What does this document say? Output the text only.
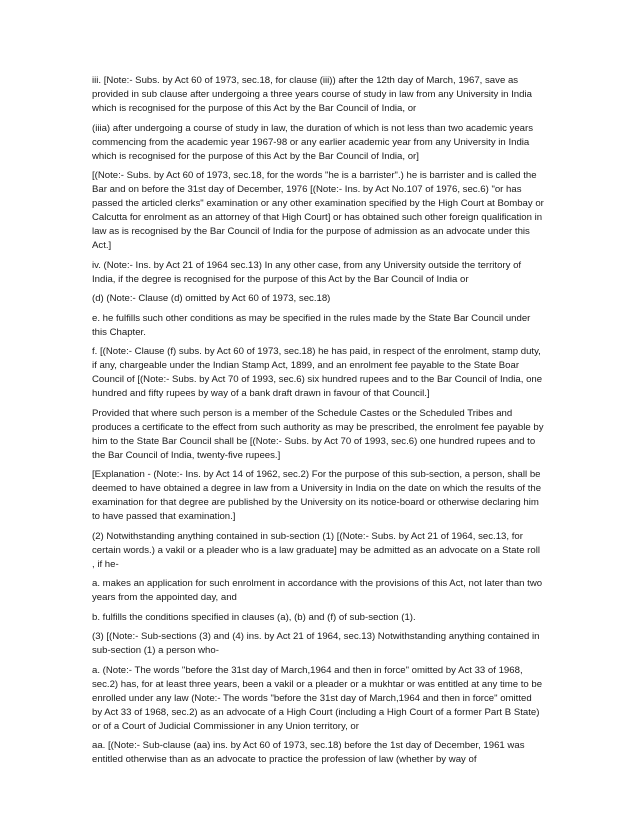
iii. [Note:- Subs. by Act 60 of 1973, sec.18, for clause (iii)) after the 12th day of March, 1967, save as provided in sub clause after undergoing a three years course of study in law from any University in India which is recognised for the purpose of this Act by the Bar Council of India, or

(iiia) after undergoing a course of study in law, the duration of which is not less than two academic years commencing from the academic year 1967-98 or any earlier academic year from any University in India which is recognised for the purpose of this Act by the Bar Council of India, or]

[(Note:- Subs. by Act 60 of 1973, sec.18, for the words "he is a barrister".) he is barrister and is called the Bar and on before the 31st day of December, 1976 [(Note:- Ins. by Act No.107 of 1976, sec.6) "or has passed the articled clerks" examination or any other examination specified by the High Court at Bombay or Calcutta for enrolment as an attorney of that High Court] or has obtained such other foreign qualification in law as is recognised by the Bar Council of India for the purpose of admission as an advocate under this Act.]

iv. (Note:- Ins. by Act 21 of 1964 sec.13) In any other case, from any University outside the territory of India, if the degree is recognised for the purpose of this Act by the Bar Council of India or

(d) (Note:- Clause (d) omitted by Act 60 of 1973, sec.18)

e. he fulfills such other conditions as may be specified in the rules made by the State Bar Council under this Chapter.

f. [(Note:- Clause (f) subs. by Act 60 of 1973, sec.18) he has paid, in respect of the enrolment, stamp duty, if any, chargeable under the Indian Stamp Act, 1899, and an enrolment fee payable to the State Boar Council of [(Note:- Subs. by Act 70 of 1993, sec.6) six hundred rupees and to the Bar Council of India, one hundred and fifty rupees by way of a bank draft drawn in favour of that Council.]

Provided that where such person is a member of the Schedule Castes or the Scheduled Tribes and produces a certificate to the effect from such authority as may be prescribed, the enrolment fee payable by him to the State Bar Council shall be [(Note:- Subs. by Act 70 of 1993, sec.6) one hundred rupees and to the Bar Council of India, twenty-five rupees.]

[Explanation - (Note:- Ins. by Act 14 of 1962, sec.2) For the purpose of this sub-section, a person, shall be deemed to have obtained a degree in law from a University in India on the date on which the results of the examination for that degree are published by the University on its notice-board or otherwise declaring him to have passed that examination.]

(2) Notwithstanding anything contained in sub-section (1) [(Note:- Subs. by Act 21 of 1964, sec.13, for certain words.) a vakil or a pleader who is a law graduate] may be admitted as an advocate on a State roll , if he-

a. makes an application for such enrolment in accordance with the provisions of this Act, not later than two years from the appointed day, and

b. fulfills the conditions specified in clauses (a), (b) and (f) of sub-section (1).

(3) [(Note:- Sub-sections (3) and (4) ins. by Act 21 of 1964, sec.13) Notwithstanding anything contained in sub-section (1) a person who-

a. (Note:- The words "before the 31st day of March,1964 and then in force" omitted by Act 33 of 1968, sec.2) has, for at least three years, been a vakil or a pleader or a mukhtar or was entitled at any time to be enrolled under any law (Note:- The words "before the 31st day of March,1964 and then in force" omitted by Act 33 of 1968, sec.2) as an advocate of a High Court (including a High Court of a former Part B State) or of a Court of Judicial Commissioner in any Union territory, or

aa. [(Note:- Sub-clause (aa) ins. by Act 60 of 1973, sec.18) before the 1st day of December, 1961 was entitled otherwise than as an advocate to practice the profession of law (whether by way of
